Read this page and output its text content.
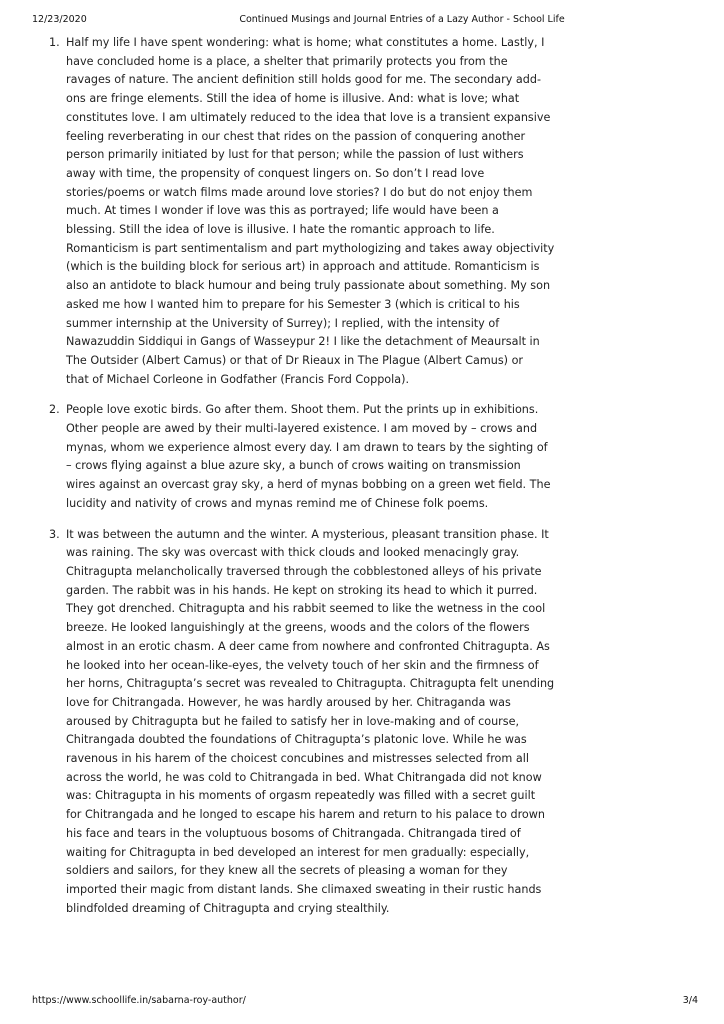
12/23/2020	Continued Musings and Journal Entries of a Lazy Author - School Life
1. Half my life I have spent wondering: what is home; what constitutes a home. Lastly, I
have concluded home is a place, a shelter that primarily protects you from the
ravages of nature. The ancient definition still holds good for me. The secondary add-
ons are fringe elements. Still the idea of home is illusive. And: what is love; what
constitutes love. I am ultimately reduced to the idea that love is a transient expansive
feeling reverberating in our chest that rides on the passion of conquering another
person primarily initiated by lust for that person; while the passion of lust withers
away with time, the propensity of conquest lingers on. So don’t I read love
stories/poems or watch films made around love stories? I do but do not enjoy them
much. At times I wonder if love was this as portrayed; life would have been a
blessing. Still the idea of love is illusive. I hate the romantic approach to life.
Romanticism is part sentimentalism and part mythologizing and takes away objectivity
(which is the building block for serious art) in approach and attitude. Romanticism is
also an antidote to black humour and being truly passionate about something. My son
asked me how I wanted him to prepare for his Semester 3 (which is critical to his
summer internship at the University of Surrey); I replied, with the intensity of
Nawazuddin Siddiqui in Gangs of Wasseypur 2! I like the detachment of Meaursalt in
The Outsider (Albert Camus) or that of Dr Rieaux in The Plague (Albert Camus) or
that of Michael Corleone in Godfather (Francis Ford Coppola).
2. People love exotic birds. Go after them. Shoot them. Put the prints up in exhibitions.
Other people are awed by their multi-layered existence. I am moved by – crows and
mynas, whom we experience almost every day. I am drawn to tears by the sighting of
– crows flying against a blue azure sky, a bunch of crows waiting on transmission
wires against an overcast gray sky, a herd of mynas bobbing on a green wet field. The
lucidity and nativity of crows and mynas remind me of Chinese folk poems.
3. It was between the autumn and the winter. A mysterious, pleasant transition phase. It
was raining. The sky was overcast with thick clouds and looked menacingly gray.
Chitragupta melancholically traversed through the cobblestoned alleys of his private
garden. The rabbit was in his hands. He kept on stroking its head to which it purred.
They got drenched. Chitragupta and his rabbit seemed to like the wetness in the cool
breeze. He looked languishingly at the greens, woods and the colors of the flowers
almost in an erotic chasm. A deer came from nowhere and confronted Chitragupta. As
he looked into her ocean-like-eyes, the velvety touch of her skin and the firmness of
her horns, Chitragupta’s secret was revealed to Chitragupta. Chitragupta felt unending
love for Chitrangada. However, he was hardly aroused by her. Chitraganda was
aroused by Chitragupta but he failed to satisfy her in love-making and of course,
Chitrangada doubted the foundations of Chitragupta’s platonic love. While he was
ravenous in his harem of the choicest concubines and mistresses selected from all
across the world, he was cold to Chitrangada in bed. What Chitrangada did not know
was: Chitragupta in his moments of orgasm repeatedly was filled with a secret guilt
for Chitrangada and he longed to escape his harem and return to his palace to drown
his face and tears in the voluptuous bosoms of Chitrangada. Chitrangada tired of
waiting for Chitragupta in bed developed an interest for men gradually: especially,
soldiers and sailors, for they knew all the secrets of pleasing a woman for they
imported their magic from distant lands. She climaxed sweating in their rustic hands
blindfolded dreaming of Chitragupta and crying stealthily.
https://www.schoollife.in/sabarna-roy-author/	3/4
